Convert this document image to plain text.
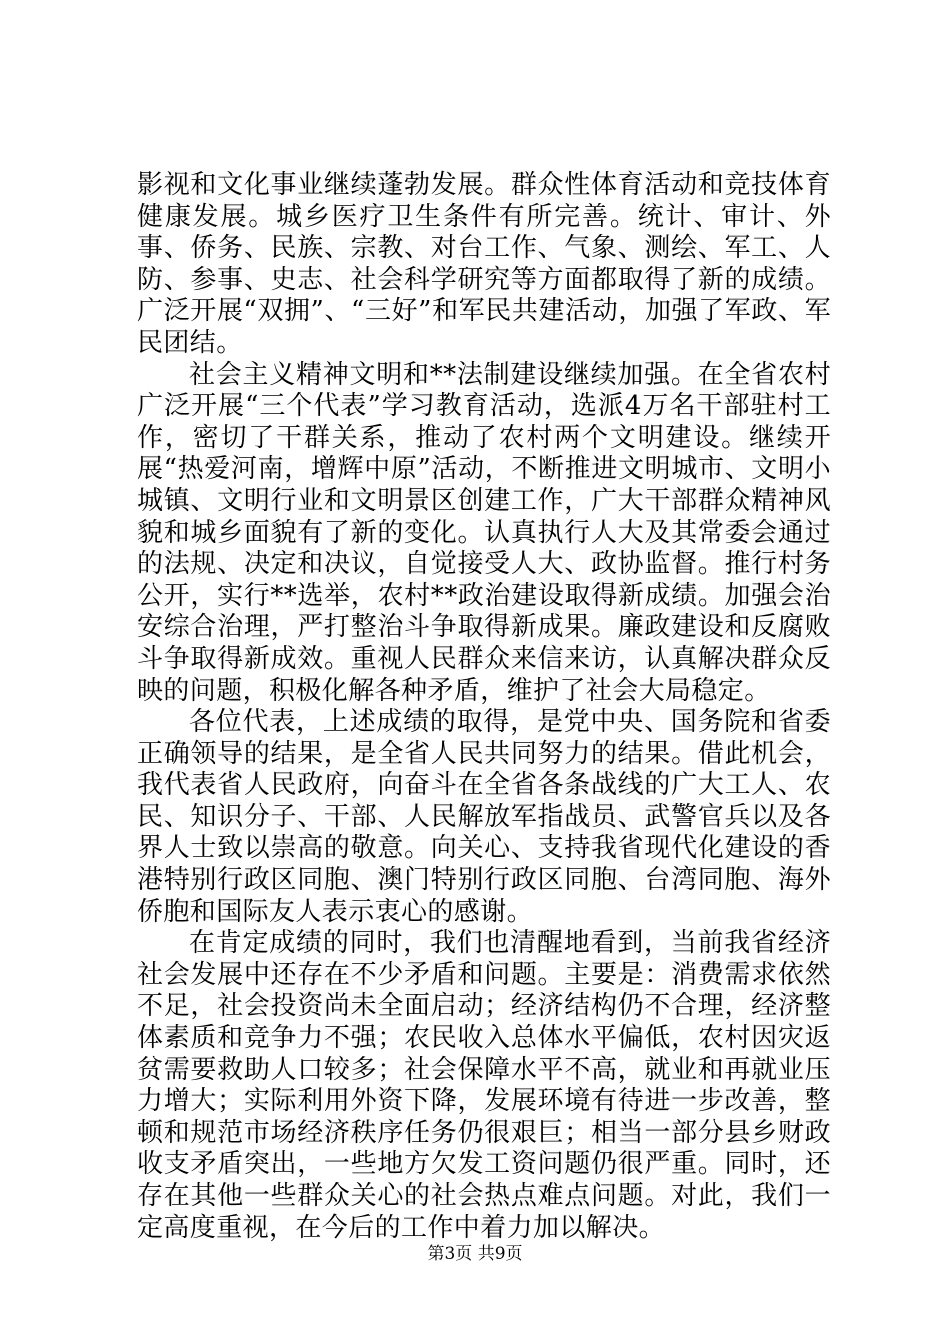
影视和文化事业继续蓬勃发展。群众性体育活动和竞技体育健康发展。城乡医疗卫生条件有所完善。统计、审计、外事、侨务、民族、宗教、对台工作、气象、测绘、军工、人防、参事、史志、社会科学研究等方面都取得了新的成绩。广泛开展“双拥”、“三好”和军民共建活动，加强了军政、军民团结。

社会主义精神文明和**法制建设继续加强。在全省农村广泛开展“三个代表”学习教育活动，选派4万名干部驻村工作，密切了干群关系，推动了农村两个文明建设。继续开展“热爱河南，增辉中原”活动，不断推进文明城市、文明小城镇、文明行业和文明景区创建工作，广大干部群众精神风貌和城乡面貌有了新的变化。认真执行人大及其常委会通过的法规、决定和决议，自觉接受人大、政协监督。推行村务公开，实行**选举，农村**政治建设取得新成绩。加强会治安综合治理，严打整治斗争取得新成果。廉政建设和反腐败斗争取得新成效。重视人民群众来信来访，认真解决群众反映的问题，积极化解各种矛盾，维护了社会大局稳定。

各位代表，上述成绩的取得，是党中央、国务院和省委正确领导的结果，是全省人民共同努力的结果。借此机会，我代表省人民政府，向奋斗在全省各条战线的广大工人、农民、知识分子、干部、人民解放军指战员、武警官兵以及各界人士致以崇高的敬意。向关心、支持我省现代化建设的香港特别行政区同胞、澳门特别行政区同胞、台湾同胞、海外侨胞和国际友人表示衷心的感谢。

在肯定成绩的同时，我们也清醒地看到，当前我省经济社会发展中还存在不少矛盾和问题。主要是：消费需求依然不足，社会投资尚未全面启动；经济结构仍不合理，经济整体素质和竞争力不强；农民收入总体水平偏低，农村因灾返贫需要救助人口较多；社会保障水平不高，就业和再就业压力增大；实际利用外资下降，发展环境有待进一步改善，整顿和规范市场经济秩序任务仍很艰巨；相当一部分县乡财政收支矛盾突出，一些地方欠发工资问题仍很严重。同时，还存在其他一些群众关心的社会热点难点问题。对此，我们一定高度重视，在今后的工作中着力加以解决。

第3页 共9页
